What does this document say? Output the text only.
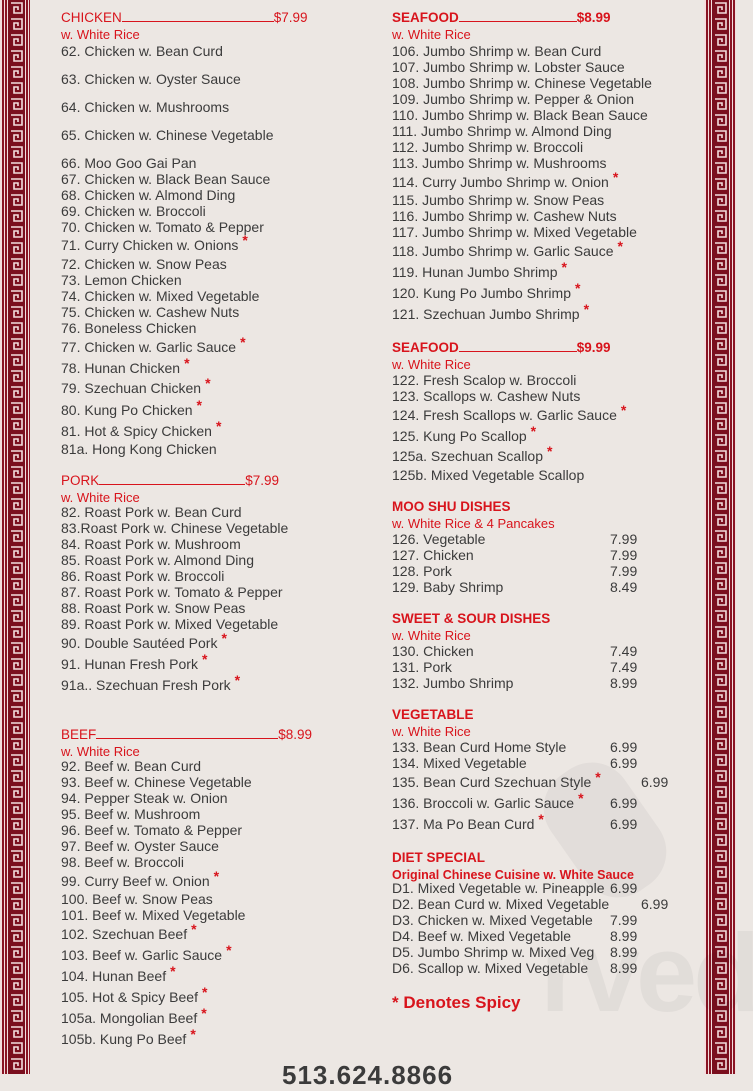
CHICKEN	$7.99
w. White Rice
62. Chicken w. Bean Curd
63. Chicken w. Oyster Sauce
64. Chicken w. Mushrooms
65. Chicken w. Chinese Vegetable
66. Moo Goo Gai Pan
67. Chicken w. Black Bean Sauce
68. Chicken w. Almond Ding
69. Chicken w. Broccoli
70. Chicken w. Tomato & Pepper
71. Curry Chicken w. Onions *
72. Chicken w. Snow Peas
73. Lemon Chicken
74. Chicken w. Mixed Vegetable
75. Chicken w. Cashew Nuts
76. Boneless Chicken
77. Chicken w. Garlic Sauce *
78. Hunan Chicken *
79. Szechuan Chicken *
80. Kung Po Chicken *
81. Hot & Spicy Chicken *
81a. Hong Kong Chicken
PORK	$7.99
w. White Rice
82. Roast Pork w. Bean Curd
83.Roast Pork w. Chinese Vegetable
84. Roast Pork w. Mushroom
85. Roast Pork w. Almond Ding
86. Roast Pork w. Broccoli
87. Roast Pork w. Tomato & Pepper
88. Roast Pork w. Snow Peas
89. Roast Pork w. Mixed Vegetable
90. Double Sautéed Pork *
91. Hunan Fresh Pork *
91a.. Szechuan Fresh Pork *
BEEF	$8.99
w. White Rice
92. Beef w. Bean Curd
93. Beef w. Chinese Vegetable
94. Pepper Steak w. Onion
95. Beef w. Mushroom
96. Beef w. Tomato & Pepper
97. Beef w. Oyster Sauce
98. Beef w. Broccoli
99. Curry Beef w. Onion *
100. Beef w. Snow Peas
101. Beef w. Mixed Vegetable
102. Szechuan Beef *
103. Beef w. Garlic Sauce *
104. Hunan Beef *
105. Hot & Spicy Beef *
105a. Mongolian Beef *
105b. Kung Po Beef *
SEAFOOD	$8.99
w. White Rice
106. Jumbo Shrimp w. Bean Curd
107. Jumbo Shrimp w. Lobster Sauce
108. Jumbo Shrimp w. Chinese Vegetable
109. Jumbo Shrimp w. Pepper & Onion
110. Jumbo Shrimp w. Black Bean Sauce
111. Jumbo Shrimp w. Almond Ding
112. Jumbo Shrimp w. Broccoli
113. Jumbo Shrimp w. Mushrooms
114. Curry Jumbo Shrimp w. Onion *
115. Jumbo Shrimp w. Snow Peas
116. Jumbo Shrimp w. Cashew Nuts
117. Jumbo Shrimp w. Mixed Vegetable
118. Jumbo Shrimp w. Garlic Sauce *
119. Hunan Jumbo Shrimp *
120. Kung Po Jumbo Shrimp *
121. Szechuan Jumbo Shrimp *
SEAFOOD	$9.99
w. White Rice
122. Fresh Scalop w. Broccoli
123. Scallops w. Cashew Nuts
124. Fresh Scallops w. Garlic Sauce *
125. Kung Po Scallop *
125a. Szechuan Scallop *
125b. Mixed Vegetable Scallop
MOO SHU DISHES
w. White Rice & 4 Pancakes
126. Vegetable	7.99
127. Chicken	7.99
128. Pork	7.99
129. Baby Shrimp	8.49
SWEET & SOUR DISHES
w. White Rice
130. Chicken	7.49
131. Pork	7.49
132. Jumbo Shrimp	8.99
VEGETABLE
w. White Rice
133. Bean Curd Home Style	6.99
134. Mixed Vegetable	6.99
135. Bean Curd Szechuan Style *	6.99
136. Broccoli w. Garlic Sauce * 6.99
137. Ma Po Bean Curd *	6.99
DIET SPECIAL
Original Chinese Cuisine w. White Sauce
D1. Mixed Vegetable w. Pineapple 6.99
D2. Bean Curd w. Mixed Vegetable 6.99
D3. Chicken w. Mixed Vegetable 7.99
D4. Beef w. Mixed Vegetable	8.99
D5. Jumbo Shrimp w. Mixed Veg 8.99
D6. Scallop w. Mixed Vegetable 8.99
* Denotes Spicy
513.624.8866
